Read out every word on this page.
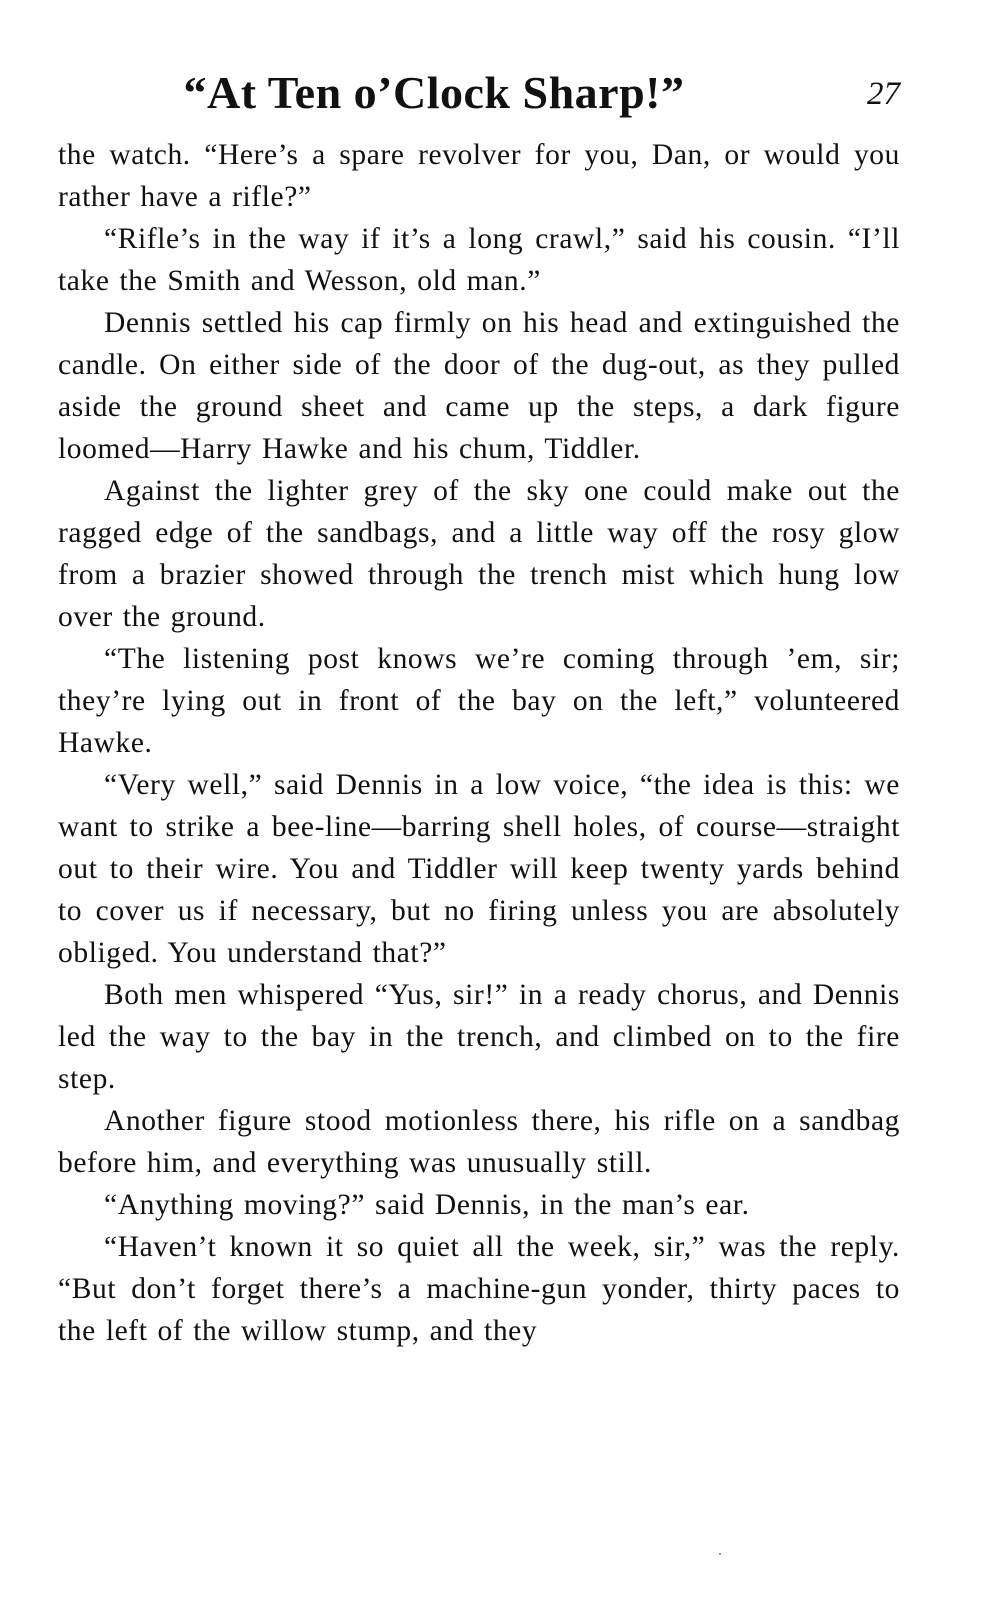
“At Ten o’Clock Sharp!”	27

the watch. “Here’s a spare revolver for you, Dan, or would you rather have a rifle?”

“Rifle’s in the way if it’s a long crawl,” said his cousin. “I’ll take the Smith and Wesson, old man.”

Dennis settled his cap firmly on his head and extinguished the candle. On either side of the door of the dug-out, as they pulled aside the ground sheet and came up the steps, a dark figure loomed—Harry Hawke and his chum, Tiddler.

Against the lighter grey of the sky one could make out the ragged edge of the sandbags, and a little way off the rosy glow from a brazier showed through the trench mist which hung low over the ground.

“The listening post knows we’re coming through ’em, sir; they’re lying out in front of the bay on the left,” volunteered Hawke.

“Very well,” said Dennis in a low voice, “the idea is this: we want to strike a bee-line—barring shell holes, of course—straight out to their wire. You and Tiddler will keep twenty yards behind to cover us if necessary, but no firing unless you are absolutely obliged. You understand that?”

Both men whispered “Yus, sir!” in a ready chorus, and Dennis led the way to the bay in the trench, and climbed on to the fire step.

Another figure stood motionless there, his rifle on a sandbag before him, and everything was unusually still.

“Anything moving?” said Dennis, in the man’s ear.

“Haven’t known it so quiet all the week, sir,” was the reply. “But don’t forget there’s a machine-gun yonder, thirty paces to the left of the willow stump, and they
